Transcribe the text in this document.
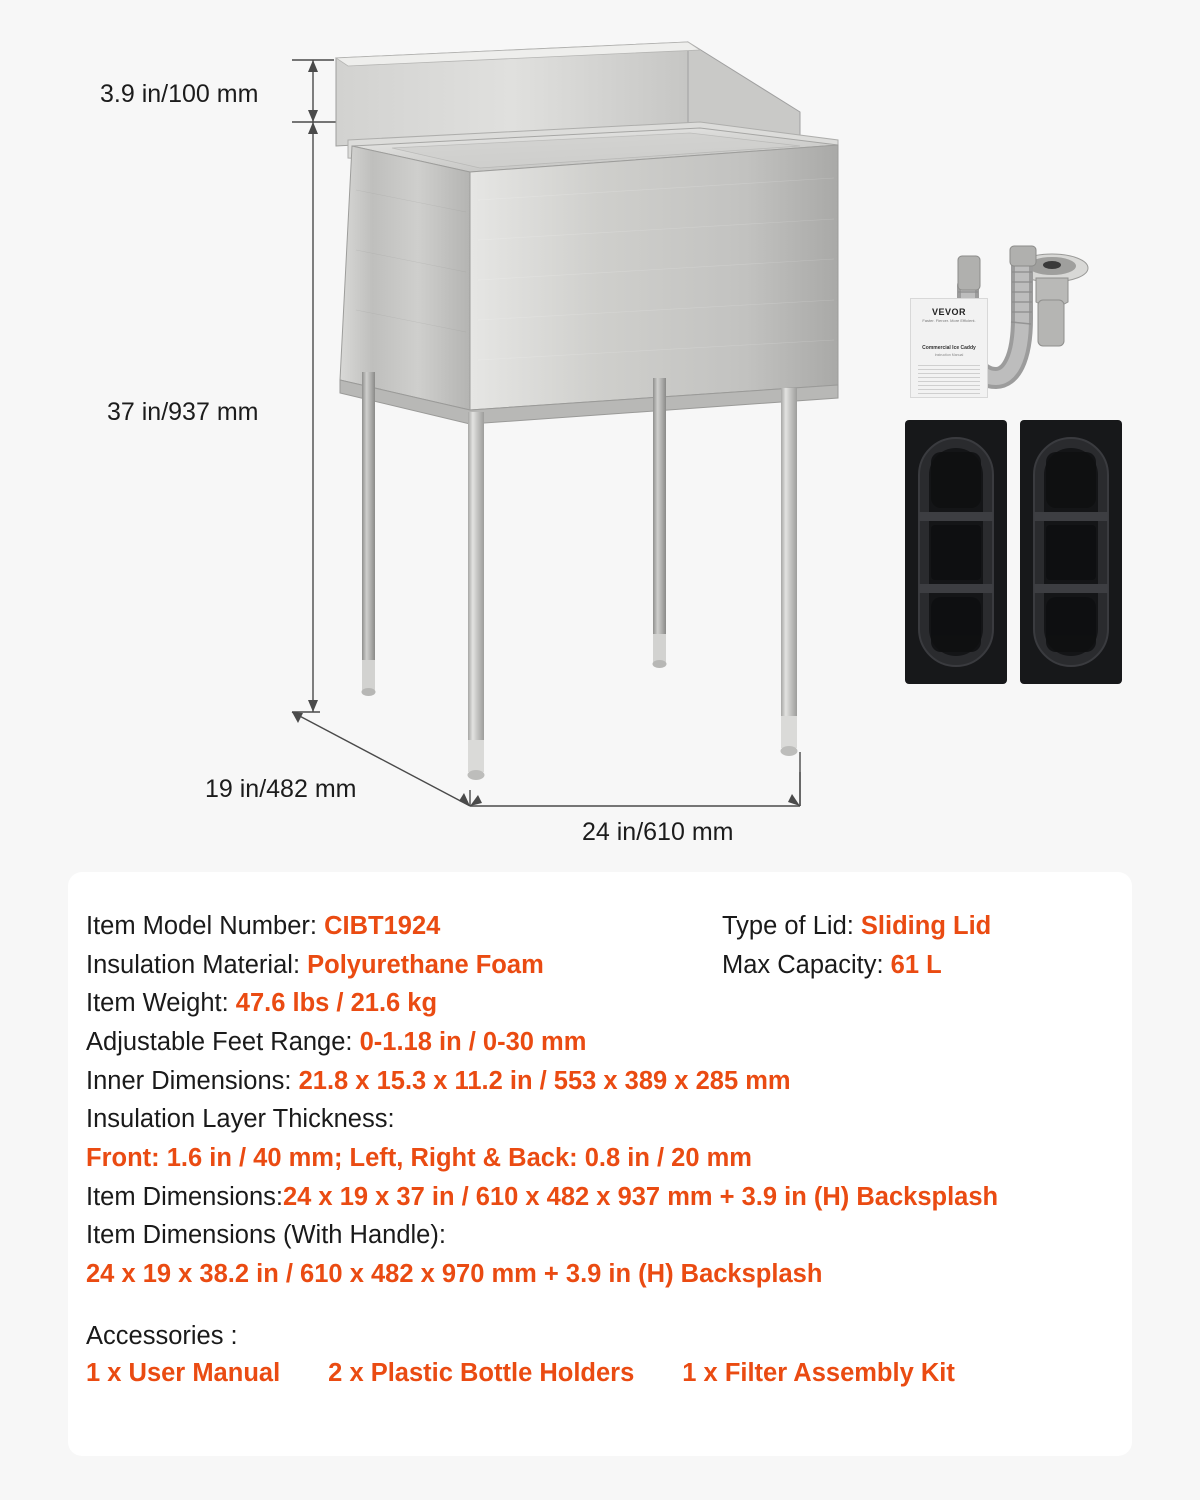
3.9 in/100 mm
37 in/937 mm
19 in/482 mm
24 in/610 mm
VEVOR
Faster. Fiercer. More Efficient.
Commercial Ice Caddy
Instruction Manual
Item Model Number: CIBT1924
Insulation Material: Polyurethane Foam
Item Weight: 47.6 lbs / 21.6 kg
Adjustable Feet Range: 0-1.18 in / 0-30 mm
Inner Dimensions: 21.8 x 15.3 x 11.2 in / 553 x 389 x 285 mm
Type of Lid: Sliding Lid
Max Capacity: 61 L
Insulation Layer Thickness:
Front: 1.6 in / 40 mm; Left, Right & Back: 0.8 in / 20 mm
Item Dimensions:24 x 19 x 37 in / 610 x 482 x 937 mm + 3.9 in (H) Backsplash
Item Dimensions (With Handle):
24 x 19 x 38.2 in / 610 x 482 x 970 mm + 3.9 in (H) Backsplash
Accessories :
1 x User Manual 2 x Plastic Bottle Holders 1 x Filter Assembly Kit
